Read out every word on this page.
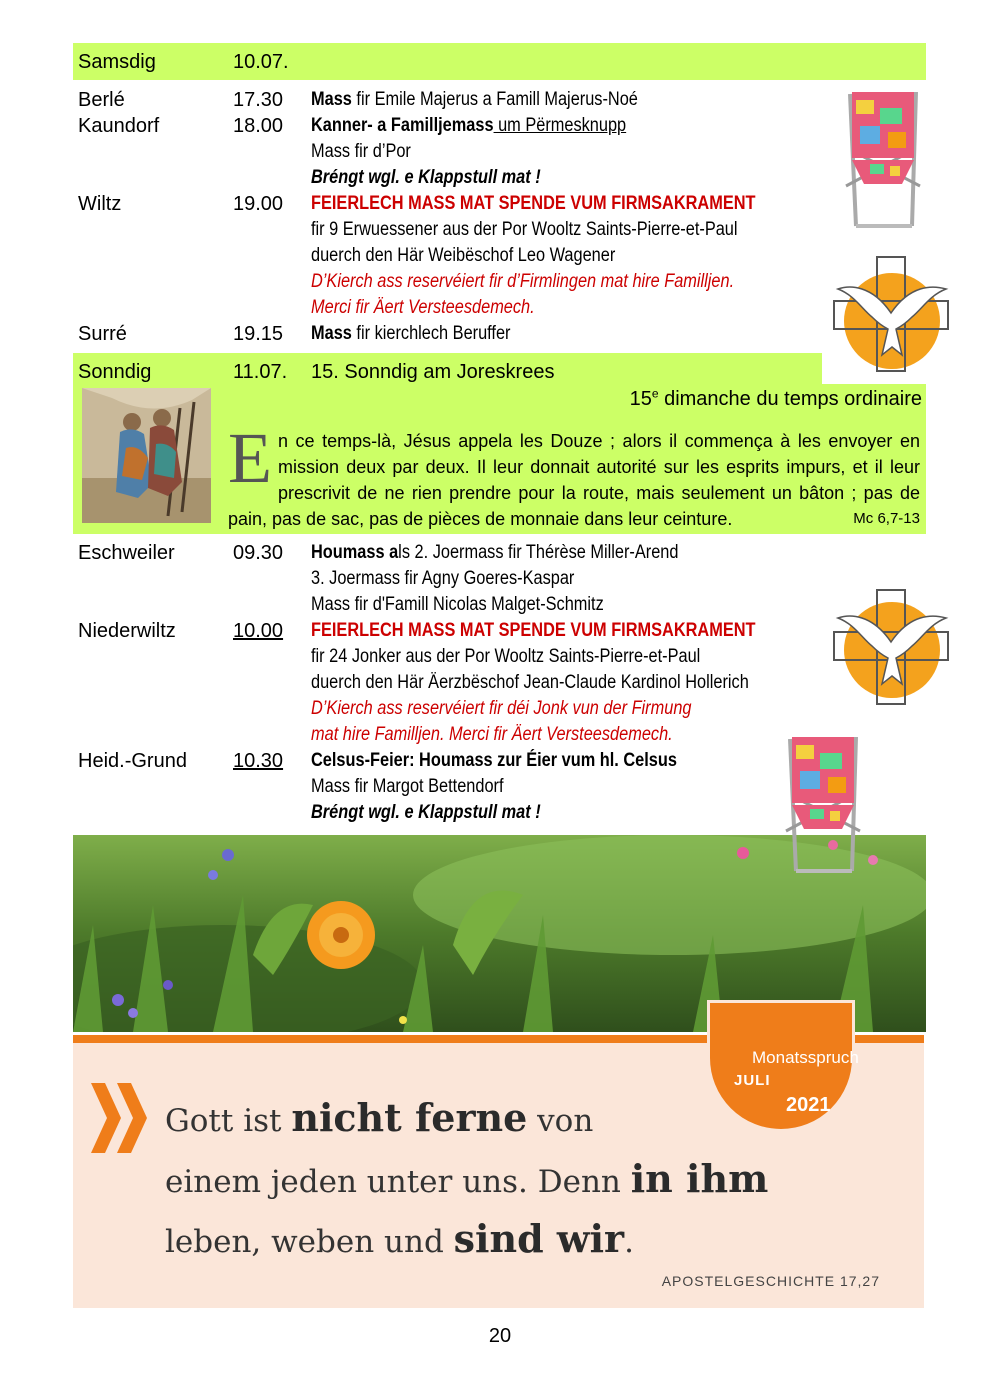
Samsdig	10.07.
Berlé	17.30 Mass fir Emile Majerus a Famill Majerus-Noé
Kaundorf	18.00 Kanner- a Familljemass um Përmesknupp
Mass fir d’Por
Bréngt wgl. e Klappstull mat !
Wiltz	19.00 FEIERLECH MASS MAT SPENDE VUM FIRMSAKRAMENT
fir 9 Erwuessener aus der Por Wooltz Saints-Pierre-et-Paul
duerch den Här Weibëschof Leo Wagener
D’Kierch ass reservéiert fir d’Firmlingen mat hire Familljen.
Merci fir Äert Versteesdemech.
Surré	19.15 Mass fir kierchlech Beruffer
Sonndig	11.07. 15. Sonndig am Joreskrees
15e dimanche du temps ordinaire
En ce temps-là, Jésus appela les Douze ; alors il commença à les envoyer en mission deux par deux. Il leur donnait autorité sur les esprits impurs, et il leur prescrivit de ne rien prendre pour la route, mais seulement un bâton ; pas de pain, pas de sac, pas de pièces de monnaie dans leur ceinture.	Mc 6,7-13
Eschweiler	09.30 Houmass als 2. Joermass fir Thérèse Miller-Arend
3. Joermass fir Agny Goeres-Kaspar
Mass fir d'Famill Nicolas Malget-Schmitz
Niederwiltz	10.00 FEIERLECH MASS MAT SPENDE VUM FIRMSAKRAMENT
fir 24 Jonker aus der Por Wooltz Saints-Pierre-et-Paul
duerch den Här Äerzbëschof Jean-Claude Kardinol Hollerich
D’Kierch ass reservéiert fir déi Jonk vun der Firmung
mat hire Familljen. Merci fir Äert Versteesdemech.
Heid.-Grund 10.30 Celsus-Feier: Houmass zur Éier vum hl. Celsus
Mass fir Margot Bettendorf
Bréngt wgl. e Klappstull mat !
Gott ist nicht ferne von
einem jeden unter uns. Denn in ihm
leben, weben und sind wir.
APOSTELGESCHICHTE 17,27
Monatsspruch
JULI
2021
20
